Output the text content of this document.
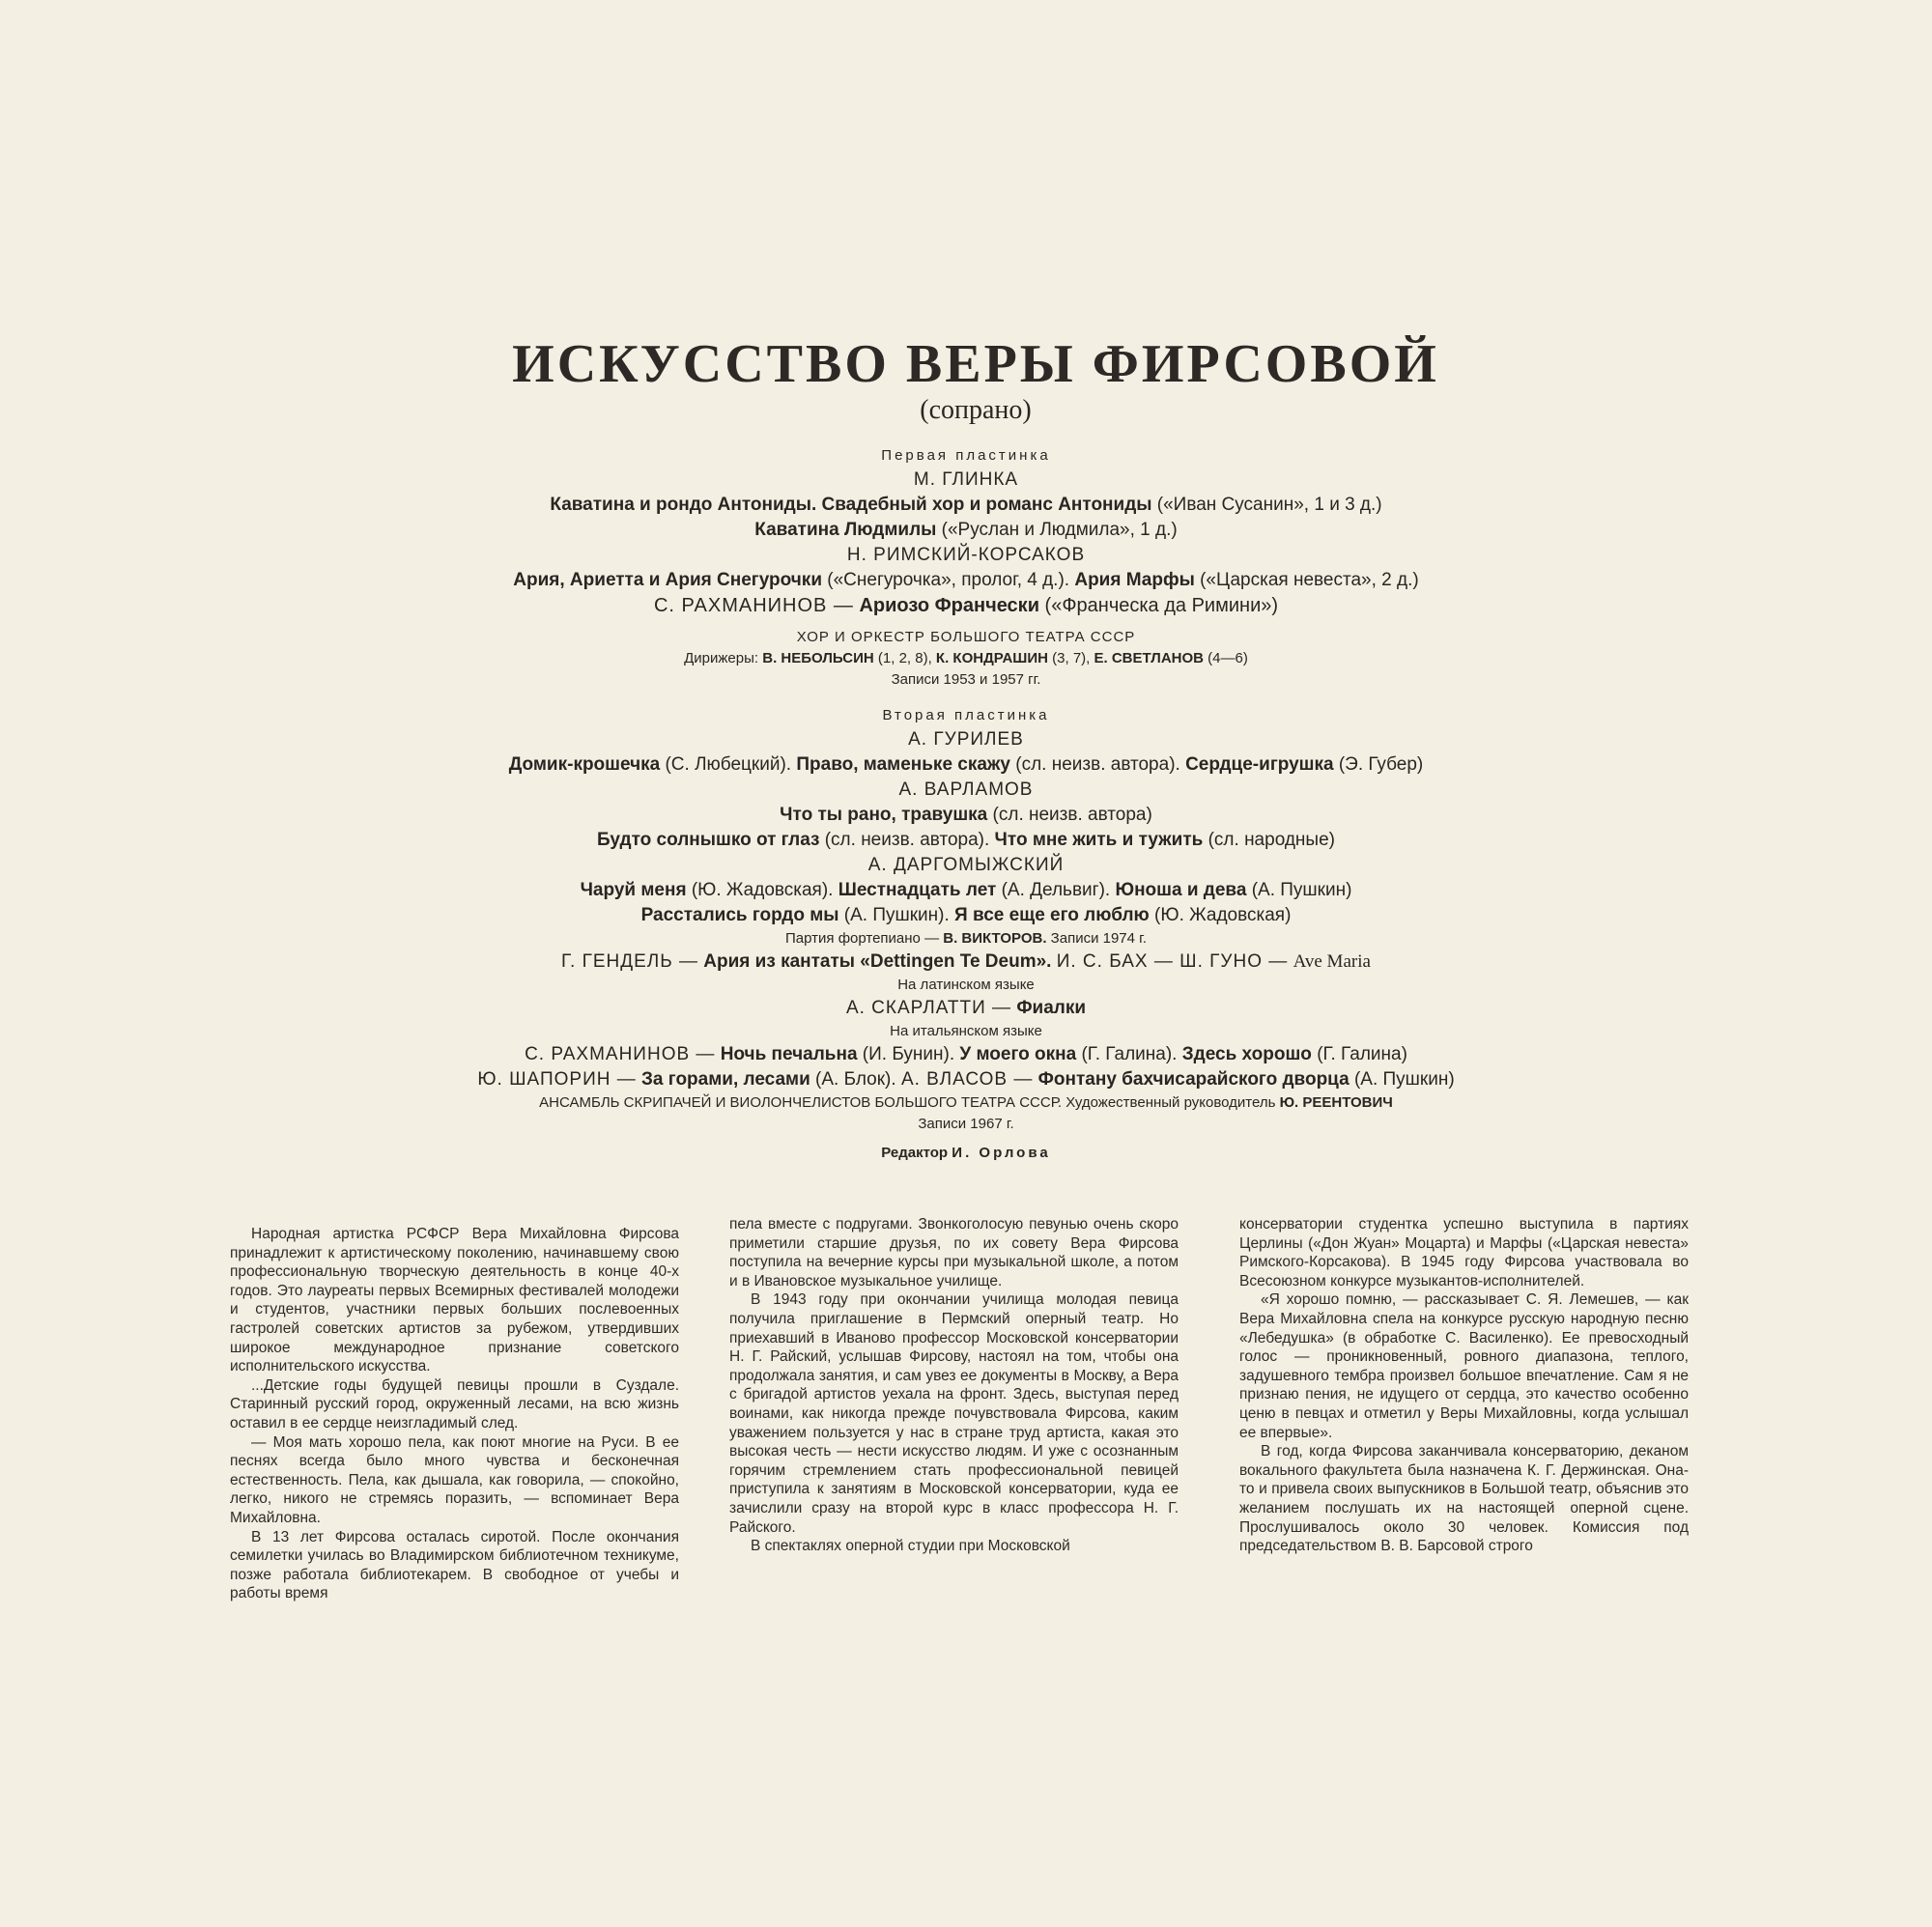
ИСКУССТВО ВЕРЫ ФИРСОВОЙ
(сопрано)
Первая пластинка
М. ГЛИНКА
Каватина и рондо Антониды. Свадебный хор и романс Антониды («Иван Сусанин», 1 и 3 д.)
Каватина Людмилы («Руслан и Людмила», 1 д.)
Н. РИМСКИЙ-КОРСАКОВ
Ария, Ариетта и Ария Снегурочки («Снегурочка», пролог, 4 д.). Ария Марфы («Царская невеста», 2 д.)
С. РАХМАНИНОВ — Ариозо Франчески («Франческа да Римини»)
ХОР И ОРКЕСТР БОЛЬШОГО ТЕАТРА СССР
Дирижеры: В. НЕБОЛЬСИН (1, 2, 8), К. КОНДРАШИН (3, 7), Е. СВЕТЛАНОВ (4—6)
Записи 1953 и 1957 гг.
Вторая пластинка
А. ГУРИЛЕВ
Домик-крошечка (С. Любецкий). Право, маменьке скажу (сл. неизв. автора). Сердце-игрушка (Э. Губер)
А. ВАРЛАМОВ
Что ты рано, травушка (сл. неизв. автора)
Будто солнышко от глаз (сл. неизв. автора). Что мне жить и тужить (сл. народные)
А. ДАРГОМЫЖСКИЙ
Чаруй меня (Ю. Жадовская). Шестнадцать лет (А. Дельвиг). Юноша и дева (А. Пушкин)
Расстались гордо мы (А. Пушкин). Я все еще его люблю (Ю. Жадовская)
Партия фортепиано — В. ВИКТОРОВ. Записи 1974 г.
Г. ГЕНДЕЛЬ — Ария из кантаты «Dettingen Te Deum». И. С. БАХ — Ш. ГУНО — Ave Maria
На латинском языке
А. СКАРЛАТТИ — Фиалки
На итальянском языке
С. РАХМАНИНОВ — Ночь печальна (И. Бунин). У моего окна (Г. Галина). Здесь хорошо (Г. Галина)
Ю. ШАПОРИН — За горами, лесами (А. Блок). А. ВЛАСОВ — Фонтану бахчисарайского дворца (А. Пушкин)
АНСАМБЛЬ СКРИПАЧЕЙ И ВИОЛОНЧЕЛИСТОВ БОЛЬШОГО ТЕАТРА СССР. Художественный руководитель Ю. РЕЕНТОВИЧ
Записи 1967 г.
Редактор И. Орлова

Народная артистка РСФСР Вера Михайловна Фирсова принадлежит к артистическому поколению, начинавшему свою профессиональную творческую деятельность в конце 40-х годов. Это лауреаты первых Всемирных фестивалей молодежи и студентов, участники первых больших послевоенных гастролей советских артистов за рубежом, утвердивших широкое международное признание советского исполнительского искусства.

...Детские годы будущей певицы прошли в Суздале. Старинный русский город, окруженный лесами, на всю жизнь оставил в ее сердце неизгладимый след.

— Моя мать хорошо пела, как поют многие на Руси. В ее песнях всегда было много чувства и бесконечная естественность. Пела, как дышала, как говорила, — спокойно, легко, никого не стремясь поразить, — вспоминает Вера Михайловна.

В 13 лет Фирсова осталась сиротой. После окончания семилетки училась во Владимирском библиотечном техникуме, позже работала библиотекарем. В свободное от учебы и работы время

пела вместе с подругами. Звонкоголосую певунью очень скоро приметили старшие друзья, по их совету Вера Фирсова поступила на вечерние курсы при музыкальной школе, а потом и в Ивановское музыкальное училище.

В 1943 году при окончании училища молодая певица получила приглашение в Пермский оперный театр. Но приехавший в Иваново профессор Московской консерватории Н. Г. Райский, услышав Фирсову, настоял на том, чтобы она продолжала занятия, и сам увез ее документы в Москву, а Вера с бригадой артистов уехала на фронт. Здесь, выступая перед воинами, как никогда прежде почувствовала Фирсова, каким уважением пользуется у нас в стране труд артиста, какая это высокая честь — нести искусство людям. И уже с осознанным горячим стремлением стать профессиональной певицей приступила к занятиям в Московской консерватории, куда ее зачислили сразу на второй курс в класс профессора Н. Г. Райского.

В спектаклях оперной студии при Московской

консерватории студентка успешно выступила в партиях Церлины («Дон Жуан» Моцарта) и Марфы («Царская невеста» Римского-Корсакова). В 1945 году Фирсова участвовала во Всесоюзном конкурсе музыкантов-исполнителей.

«Я хорошо помню, — рассказывает С. Я. Лемешев, — как Вера Михайловна спела на конкурсе русскую народную песню «Лебедушка» (в обработке С. Василенко). Ее превосходный голос — проникновенный, ровного диапазона, теплого, задушевного тембра произвел большое впечатление. Сам я не признаю пения, не идущего от сердца, это качество особенно ценю в певцах и отметил у Веры Михайловны, когда услышал ее впервые».

В год, когда Фирсова заканчивала консерваторию, деканом вокального факультета была назначена К. Г. Держинская. Она-то и привела своих выпускников в Большой театр, объяснив это желанием послушать их на настоящей оперной сцене. Прослушивалось около 30 человек. Комиссия под председательством В. В. Барсовой строго
